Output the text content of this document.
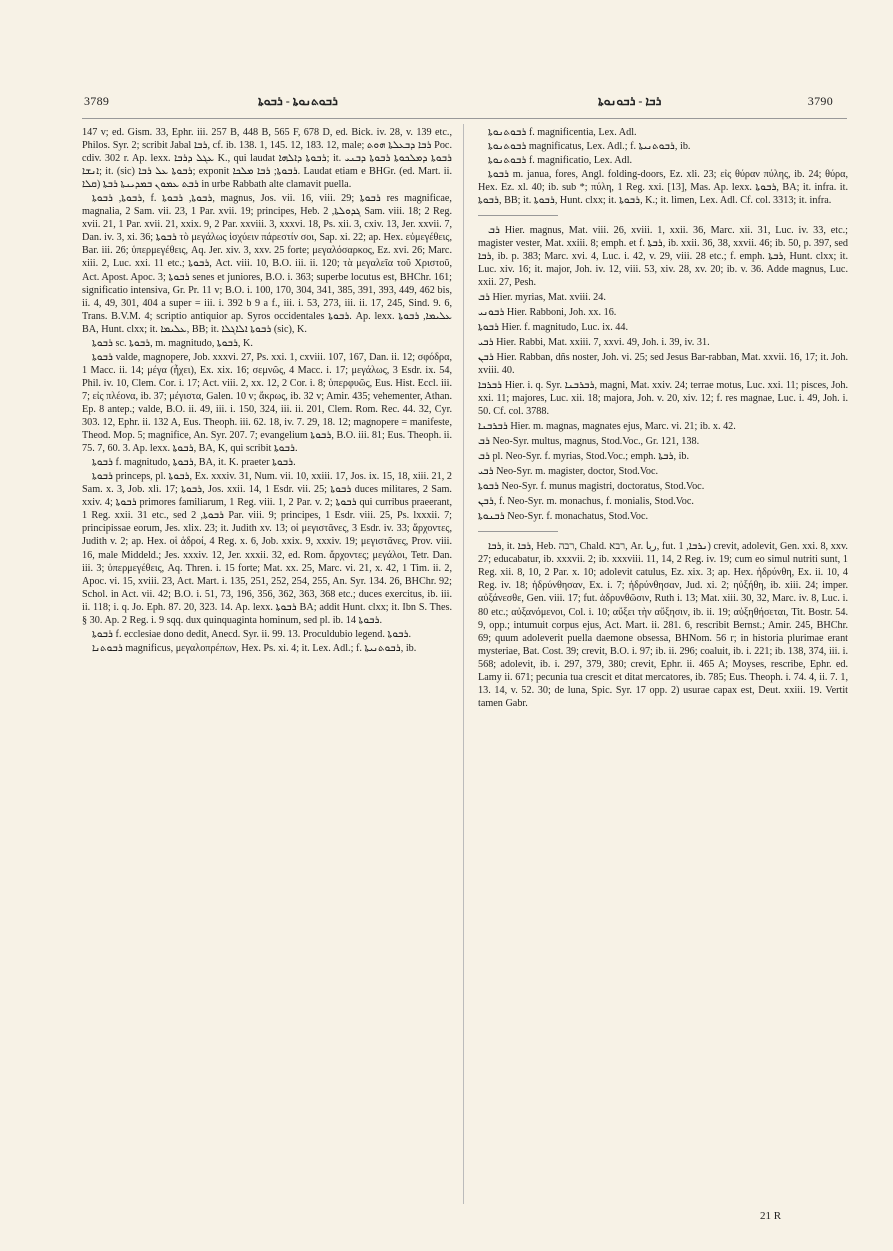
3789	ܪܒܘܬܢܘܬܐ - ܪܒܘܬܐ	ܪܒܐ - ܪܒܘܢܘܬܐ	3790

147 v; ed. Gism. 33, Ephr. iii. 257 B, 448 B, 565 F, 678 D, ed. Bick. iv. 28, v. 139 etc., Philos. Syr. 2; scribit Jabal ܪܒܐ, cf. ib. 138. 1, 145. 12, 183. 12, male; ܪܒܐ ܕܒܥܠܬܐ ܗܘܬ Poc. cdiv. 302 r. Ap. lexx. ܥܓܠ ܕܪܒܐ K., qui laudat ܪܒܘܬܐ ܕܐܠܗܐ; it. ܪܒܘܬܐ ܕܡܠܟܘܬܐ ܪܒܘܬܐ ܕܒܢܝ ܐܢܫܐ; it. (sic) ܪܒܘܬܐ ܥܠ ܪܒܐ; exponit ܪܒܘܬܐ; ܪܒܐ ܡܠܟܐ. Laudat etiam e BHGr. (ed. Mart. ii. ܩܠܐ) ܪܒܬ ܥܡܘܢ ܒܡܕܝܢܬܐ ܪܒܬܐ in urbe Rabbath alte clamavit puella.

ܪܒܘܬܐ, ܪܒܘܬܐ, f. ܪܒܘܬܐ, ܪܒܘܬܐ, magnus, Jos. vii. 16, viii. 29; ܪܒܘܬܐ res magnificae, magnalia, 2 Sam. vii. 23, 1 Par. xvii. 19; principes, Heb. ܓܕܘܠܬܐ, 2 Sam. viii. 18; 2 Reg. xvii. 21, 1 Par. xvii. 21, xxix. 9, 2 Par. xxviii. 3, xxxvi. 18, Ps. xii. 3, cxiv. 13, Jer. xxvii. 7, Dan. iv. 3, xi. 36; ܪܒܘܬܐ τὸ μεγάλως ἰσχύειν πάρεστίν σοι, Sap. xi. 22; ap. Hex. εὐμεγέθεις, Bar. iii. 26; ὑπερμεγέθεις, Aq. Jer. xiv. 3, xxv. 25 forte; μεγαλόσαρκος, Ez. xvi. 26; Marc. xiii. 2, Luc. xxi. 11 etc.; ܪܒܘܬܐ, Act. viii. 10, B.O. iii. ii. 120; τὰ μεγαλεῖα τοῦ Χριστοῦ, Act. Apost. Apoc. 3; ܪܒܘܬܐ senes et juniores, B.O. i. 363; superbe locutus est, BHChr. 161; significatio intensiva, Gr. Pr. 11 v; B.O. i. 100, 170, 304, 341, 385, 391, 393, 449, 462 bis, ii. 4, 49, 301, 404 a super = iii. i. 392 b 9 a f., iii. i. 53, 273, iii. ii. 17, 245, Sind. 9. 6, Trans. B.V.M. 4; scriptio antiquior ap. Syros occidentales ܪܒܘܬܐ. Ap. lexx. ܥܠܝܡܐ, ܪܒܘܬܐ BA, Hunt. clxx; it. ܥܠܝܡܐ, BB; it. ܪܒܘܬܐ ܐܠܐܓܠܐ (sic), K.

ܪܒܘܬܐ sc. ܪܒܘܬܐ, m. magnitudo, ܪܒܘܬܐ, K.

ܪܒܘܬܐ valde, magnopere, Job. xxxvi. 27, Ps. xxi. 1, cxviii. 107, 167, Dan. ii. 12; σφόδρα, 1 Macc. ii. 14; μέγα (ἦχει), Ex. xix. 16; σεμνῶς, 4 Macc. i. 17; μεγάλως, 3 Esdr. ix. 54, Phil. iv. 10, Clem. Cor. i. 17; Act. viii. 2, xx. 12, 2 Cor. i. 8; ὑπερφυῶς, Eus. Hist. Eccl. iii. 7; εἰς πλέονα, ib. 37; μέγιστα, Galen. 10 v; ἄκρως, ib. 32 v; Amir. 435; vehementer, Athan. Ep. 8 antep.; valde, B.O. ii. 49, iii. i. 150, 324, iii. ii. 201, Clem. Rom. Rec. 44. 32, Cyr. 303. 12, Ephr. ii. 132 A, Eus. Theoph. iii. 62. 18, iv. 7. 29, 18. 12; magnopere = manifeste, Theod. Mop. 5; magnifice, An. Syr. 207. 7; evangelium ܪܒܘܬܐ, B.O. iii. 81; Eus. Theoph. ii. 75. 7, 60. 3. Ap. lexx. ܪܒܘܬܐ, BA, K, qui scribit ܪܒܘܬܐ.

ܪܒܘܬܐ f. magnitudo, ܪܒܘܬܐ, BA, it. K. praeter ܪܒܘܬܐ.

ܪܒܘܬܐ princeps, pl. ܪܒܘܬܐ, Ex. xxxiv. 31, Num. vii. 10, xxiii. 17, Jos. ix. 15, 18, xiii. 21, 2 Sam. x. 3, Job. xli. 17; ܪܒܘܬܐ, Jos. xxii. 14, 1 Esdr. vii. 25; ܪܒܘܬܐ duces militares, 2 Sam. xxiv. 4; ܪܒܘܬܐ primores familiarum, 1 Reg. viii. 1, 2 Par. v. 2; ܪܒܘܬܐ qui curribus praeerant, 1 Reg. xxii. 31 etc., sed ܪܒܘܬܐ, 2 Par. viii. 9; principes, 1 Esdr. viii. 25, Ps. lxxxii. 7; principissae eorum, Jes. xlix. 23; it. Judith xv. 13; οἱ μεγιστᾶνες, 3 Esdr. iv. 33; ἄρχοντες, Judith v. 2; ap. Hex. οἱ ἁδροί, 4 Reg. x. 6, Job. xxix. 9, xxxiv. 19; μεγιστᾶνες, Prov. viii. 16, male Middeld.; Jes. xxxiv. 12, Jer. xxxii. 32, ed. Rom. ἄρχοντες; μεγάλοι, Tetr. Dan. iii. 3; ὑπερμεγέθεις, Aq. Thren. i. 15 forte; Mat. xx. 25, Marc. vi. 21, x. 42, 1 Tim. ii. 2, Apoc. vi. 15, xviii. 23, Act. Mart. i. 135, 251, 252, 254, 255, An. Syr. 134. 26, BHChr. 92; Schol. in Act. vii. 42; B.O. i. 51, 73, 196, 356, 362, 363, 368 etc.; duces exercitus, ib. iii. ii. 118; i. q. Jo. Eph. 87. 20, 323. 14. Ap. lexx. ܪܒܘܬܐ BA; addit Hunt. clxx; it. Ibn S. Thes. § 30. Ap. 2 Reg. i. 9 sqq. dux quinquaginta hominum, sed pl. ib. 14 ܪܒܘܬܐ.

ܪܒܘܬܐ f. ecclesiae dono dedit, Anecd. Syr. ii. 99. 13. Proculdubio legend. ܪܒܘܬܐ.

ܪܒܘܬܢܐ magnificus, μεγαλοπρέπων, Hex. Ps. xi. 4; it. Lex. Adl.; f. ܪܒܘܬܢܝܬܐ, ib.

ܪܒܘܬܢܘܬܐ f. magnificentia, Lex. Adl.

ܪܒܘܬܢܘܬܐ magnificatus, Lex. Adl.; f. ܪܒܘܬܢܝܬܐ, ib.

ܪܒܘܬܢܘܬܐ f. magnificatio, Lex. Adl.

ܪܒܘܬܐ m. janua, fores, Angl. folding-doors, Ez. xli. 23; εἰς θύραν πύλης, ib. 24; θύρα, Hex. Ez. xl. 40; ib. sub *; πύλη, 1 Reg. xxi. [13], Mas. Ap. lexx. ܪܒܘܬܐ, BA; it. infra. it. ܪܒܘܬܐ, BB; it. ܪܒܘܬܐ, Hunt. clxx; it. ܪܒܘܬܐ, K.; it. limen, Lex. Adl. Cf. col. 3313; it. infra.

ܪܒ Hier. magnus, Mat. viii. 26, xviii. 1, xxii. 36, Marc. xii. 31, Luc. iv. 33, etc.; magister vester, Mat. xxiii. 8; emph. et f. ܪܒܬܐ, ib. xxii. 36, 38, xxvii. 46; ib. 50, p. 397, sed ܪܒܐ, ib. p. 383; Marc. xvi. 4, Luc. i. 42, v. 29, viii. 28 etc.; f. emph. ܪܒܬܐ, Hunt. clxx; it. Luc. xiv. 16; it. major, Joh. iv. 12, viii. 53, xiv. 28, xv. 20; ib. v. 36. Adde magnus, Luc. xxii. 27, Pesh.

ܪܒ Hier. myrias, Mat. xviii. 24.

ܪܒܘܢܝ Hier. Rabboni, Joh. xx. 16.

ܪܒܘܬܐ Hier. f. magnitudo, Luc. ix. 44.

ܪܒܝ Hier. Rabbi, Mat. xxiii. 7, xxvi. 49, Joh. i. 39, iv. 31.

ܪܒܢ Hier. Rabban, dñs noster, Joh. vi. 25; sed Jesus Bar-rabban, Mat. xxvii. 16, 17; it. Joh. xviii. 40.

ܪܒܪܒܐ Hier. i. q. Syr. ܪܒܪܒܢܐ, magni, Mat. xxiv. 24; terrae motus, Luc. xxi. 11; pisces, Joh. xxi. 11; majores, Luc. xii. 18; majora, Joh. v. 20, xiv. 12; f. res magnae, Luc. i. 49, Joh. i. 50. Cf. col. 3788.

ܪܒܪܒܢܐ Hier. m. magnas, magnates ejus, Marc. vi. 21; ib. x. 42.

ܪܒ Neo-Syr. multus, magnus, Stod.Voc., Gr. 121, 138.

ܪܒ pl. Neo-Syr. f. myrias, Stod.Voc.; emph. ܪܒܬܐ, ib.

ܪܒܝ Neo-Syr. m. magister, doctor, Stod.Voc.

ܪܒܘܬܐ Neo-Syr. f. munus magistri, doctoratus, Stod.Voc.

ܪܒܢ, f. Neo-Syr. m. monachus, f. monialis, Stod.Voc.

ܪܒܢܘܬܐ Neo-Syr. f. monachatus, Stod.Voc.

ܪܒܐ, it. ܪܒܐ, Heb. רבה, Chald. רבא, Ar. ربا, fut. ܢܪܒܐ, 1) crevit, adolevit, Gen. xxi. 8, xxv. 27; educabatur, ib. xxxvii. 2; ib. xxxviii. 11, 14, 2 Reg. iv. 19; cum eo simul nutriti sunt, 1 Reg. xii. 8, 10, 2 Par. x. 10; adolevit catulus, Ez. xix. 3; ap. Hex. ἡδρύνθη, Ex. ii. 10, 4 Reg. iv. 18; ἡδρύνθησαν, Ex. i. 7; ἡδρύνθησαν, Jud. xi. 2; ηὐξήθη, ib. xiii. 24; imper. αὐξάνεσθε, Gen. viii. 17; fut. ἁδρυνθῶσιν, Ruth i. 13; Mat. xiii. 30, 32, Marc. iv. 8, Luc. i. 80 etc.; αὐξανόμενοι, Col. i. 10; αὔξει τὴν αὔξησιν, ib. ii. 19; αὐξηθήσεται, Tit. Bostr. 54. 9, opp.; intumuit corpus ejus, Act. Mart. ii. 281. 6, rescribit Bernst.; Amir. 245, BHChr. 69; quum adoleverit puella daemone obsessa, BHNom. 56 r; in historia plurimae erant mysteriae, Bat. Cost. 39; crevit, B.O. i. 97; ib. ii. 296; coaluit, ib. i. 221; ib. 138, 374, iii. i. 568; adolevit, ib. i. 297, 379, 380; crevit, Ephr. ii. 465 A; Moyses, rescribe, Ephr. ed. Lamy ii. 671; pecunia tua crescit et ditat mercatores, ib. 785; Eus. Theoph. i. 74. 4, ii. 7. 1, 13. 14, v. 52. 30; de luna, Spic. Syr. 17 opp. 2) usurae capax est, Deut. xxiii. 19. Vertit tamen Gabr.

21 R
